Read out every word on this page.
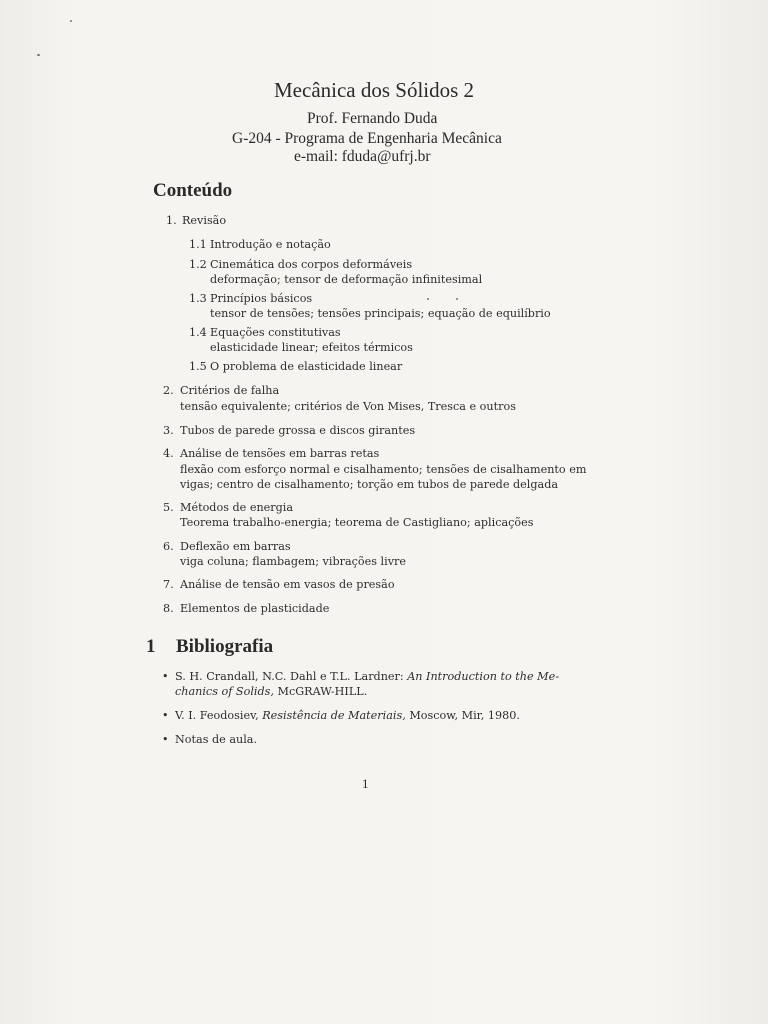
Mecânica dos Sólidos 2
Prof. Fernando Duda
G-204 - Programa de Engenharia Mecânica
e-mail: fduda@ufrj.br
Conteúdo
1. Revisão
1.1 Introdução e notação
1.2 Cinemática dos corpos deformáveis
deformação; tensor de deformação infinitesimal
1.3 Princípios básicos
tensor de tensões; tensões principais; equação de equilíbrio
1.4 Equações constitutivas
elasticidade linear; efeitos térmicos
1.5 O problema de elasticidade linear
2. Critérios de falha
tensão equivalente; critérios de Von Mises, Tresca e outros
3. Tubos de parede grossa e discos girantes
4. Análise de tensões em barras retas
flexão com esforço normal e cisalhamento; tensões de cisalhamento em
vigas; centro de cisalhamento; torção em tubos de parede delgada
5. Métodos de energia
Teorema trabalho-energia; teorema de Castigliano; aplicações
6. Deflexão em barras
viga coluna; flambagem; vibrações livre
7. Análise de tensão em vasos de presão
8. Elementos de plasticidade
1 Bibliografia
• S. H. Crandall, N.C. Dahl e T.L. Lardner: An Introduction to the Me-
chanics of Solids, McGRAW-HILL.
• V. I. Feodosiev, Resistência de Materiais, Moscow, Mir, 1980.
• Notas de aula.
1
